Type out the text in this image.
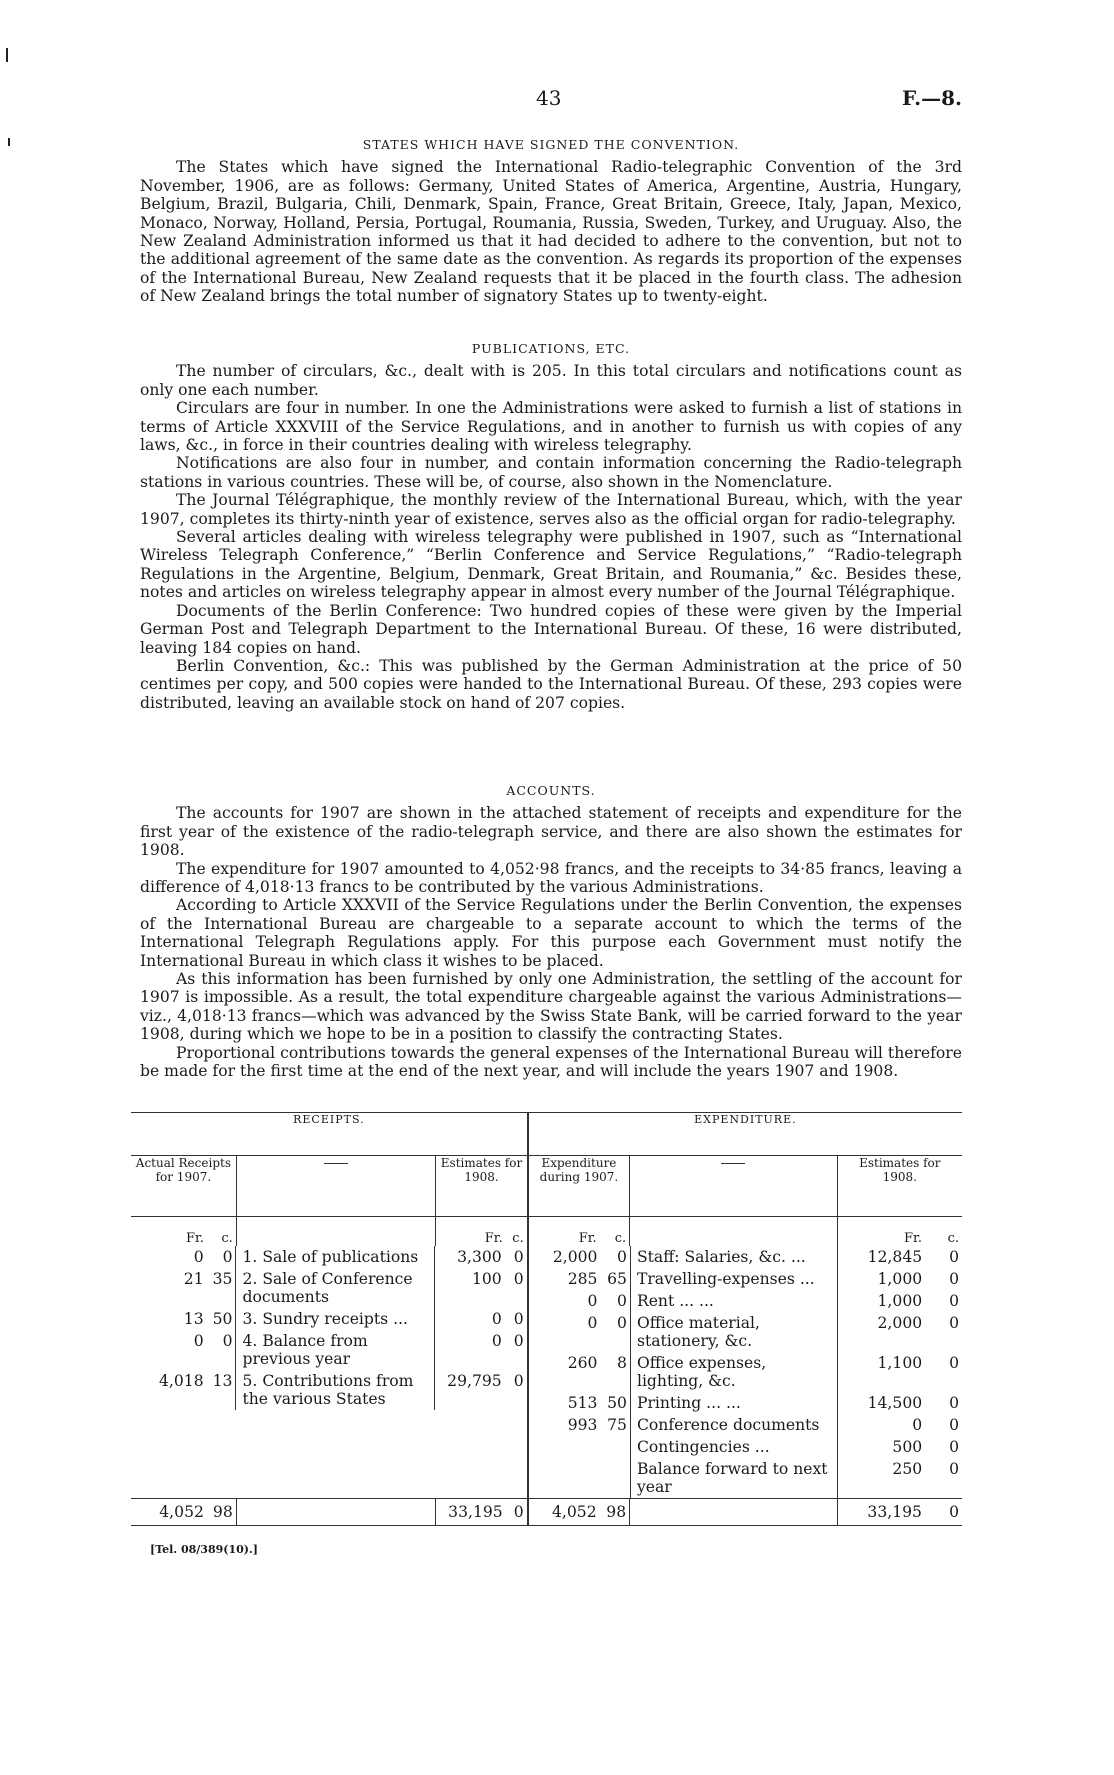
43	F.—8.
STATES WHICH HAVE SIGNED THE CONVENTION.

The States which have signed the International Radio-telegraphic Convention of the 3rd November, 1906, are as follows: Germany, United States of America, Argentine, Austria, Hungary, Belgium, Brazil, Bulgaria, Chili, Denmark, Spain, France, Great Britain, Greece, Italy, Japan, Mexico, Monaco, Norway, Holland, Persia, Portugal, Roumania, Russia, Sweden, Turkey, and Uruguay. Also, the New Zealand Administration informed us that it had decided to adhere to the convention, but not to the additional agreement of the same date as the convention. As regards its proportion of the expenses of the International Bureau, New Zealand requests that it be placed in the fourth class. The adhesion of New Zealand brings the total number of signatory States up to twenty-eight.

PUBLICATIONS, ETC.

The number of circulars, &c., dealt with is 205. In this total circulars and notifications count as only one each number.

Circulars are four in number. In one the Administrations were asked to furnish a list of stations in terms of Article XXXVIII of the Service Regulations, and in another to furnish us with copies of any laws, &c., in force in their countries dealing with wireless telegraphy.

Notifications are also four in number, and contain information concerning the Radio-telegraph stations in various countries. These will be, of course, also shown in the Nomenclature.

The Journal Télégraphique, the monthly review of the International Bureau, which, with the year 1907, completes its thirty-ninth year of existence, serves also as the official organ for radio-telegraphy.

Several articles dealing with wireless telegraphy were published in 1907, such as “International Wireless Telegraph Conference,” “Berlin Conference and Service Regulations,” “Radio-telegraph Regulations in the Argentine, Belgium, Denmark, Great Britain, and Roumania,” &c. Besides these, notes and articles on wireless telegraphy appear in almost every number of the Journal Télégraphique.

Documents of the Berlin Conference: Two hundred copies of these were given by the Imperial German Post and Telegraph Department to the International Bureau. Of these, 16 were distributed, leaving 184 copies on hand.

Berlin Convention, &c.: This was published by the German Administration at the price of 50 centimes per copy, and 500 copies were handed to the International Bureau. Of these, 293 copies were distributed, leaving an available stock on hand of 207 copies.

ACCOUNTS.

The accounts for 1907 are shown in the attached statement of receipts and expenditure for the first year of the existence of the radio-telegraph service, and there are also shown the estimates for 1908.

The expenditure for 1907 amounted to 4,052·98 francs, and the receipts to 34·85 francs, leaving a difference of 4,018·13 francs to be contributed by the various Administrations.

According to Article XXXVII of the Service Regulations under the Berlin Convention, the expenses of the International Bureau are chargeable to a separate account to which the terms of the International Telegraph Regulations apply. For this purpose each Government must notify the International Bureau in which class it wishes to be placed.

As this information has been furnished by only one Administration, the settling of the account for 1907 is impossible. As a result, the total expenditure chargeable against the various Administrations—viz., 4,018·13 francs—which was advanced by the Swiss State Bank, will be carried forward to the year 1908, during which we hope to be in a position to classify the contracting States.

Proportional contributions towards the general expenses of the International Bureau will therefore be made for the first time at the end of the next year, and will include the years 1907 and 1908.

RECEIPTS.	EXPENDITURE.
Actual Receipts for 1907.		Estimates for 1908.	Expenditure during 1907.		Estimates for 1908.
Fr.	c.		Fr.	c.	Fr.	c.		Fr.	c.

0	0	1. Sale of publications	3,300	0
21	35	2. Sale of Conference documents	100	0
13	50	3. Sundry receipts ...	0	0
0	0	4. Balance from previous year	0	0
4,018	13	5. Contributions from the various States	29,795	0

2,000	0	Staff: Salaries, &c. ...	12,845	0
285	65	Travelling-expenses ...	1,000	0
0	0	Rent ... ...	1,000	0
0	0	Office material, stationery, &c.	2,000	0
260	8	Office expenses, lighting, &c.	1,100	0
513	50	Printing ... ...	14,500	0
993	75	Conference documents	0	0
		Contingencies ...	500	0
		Balance forward to next year	250	0

4,052	98		33,195	0	4,052	98		33,195	0
[Tel. 08/389(10).]
